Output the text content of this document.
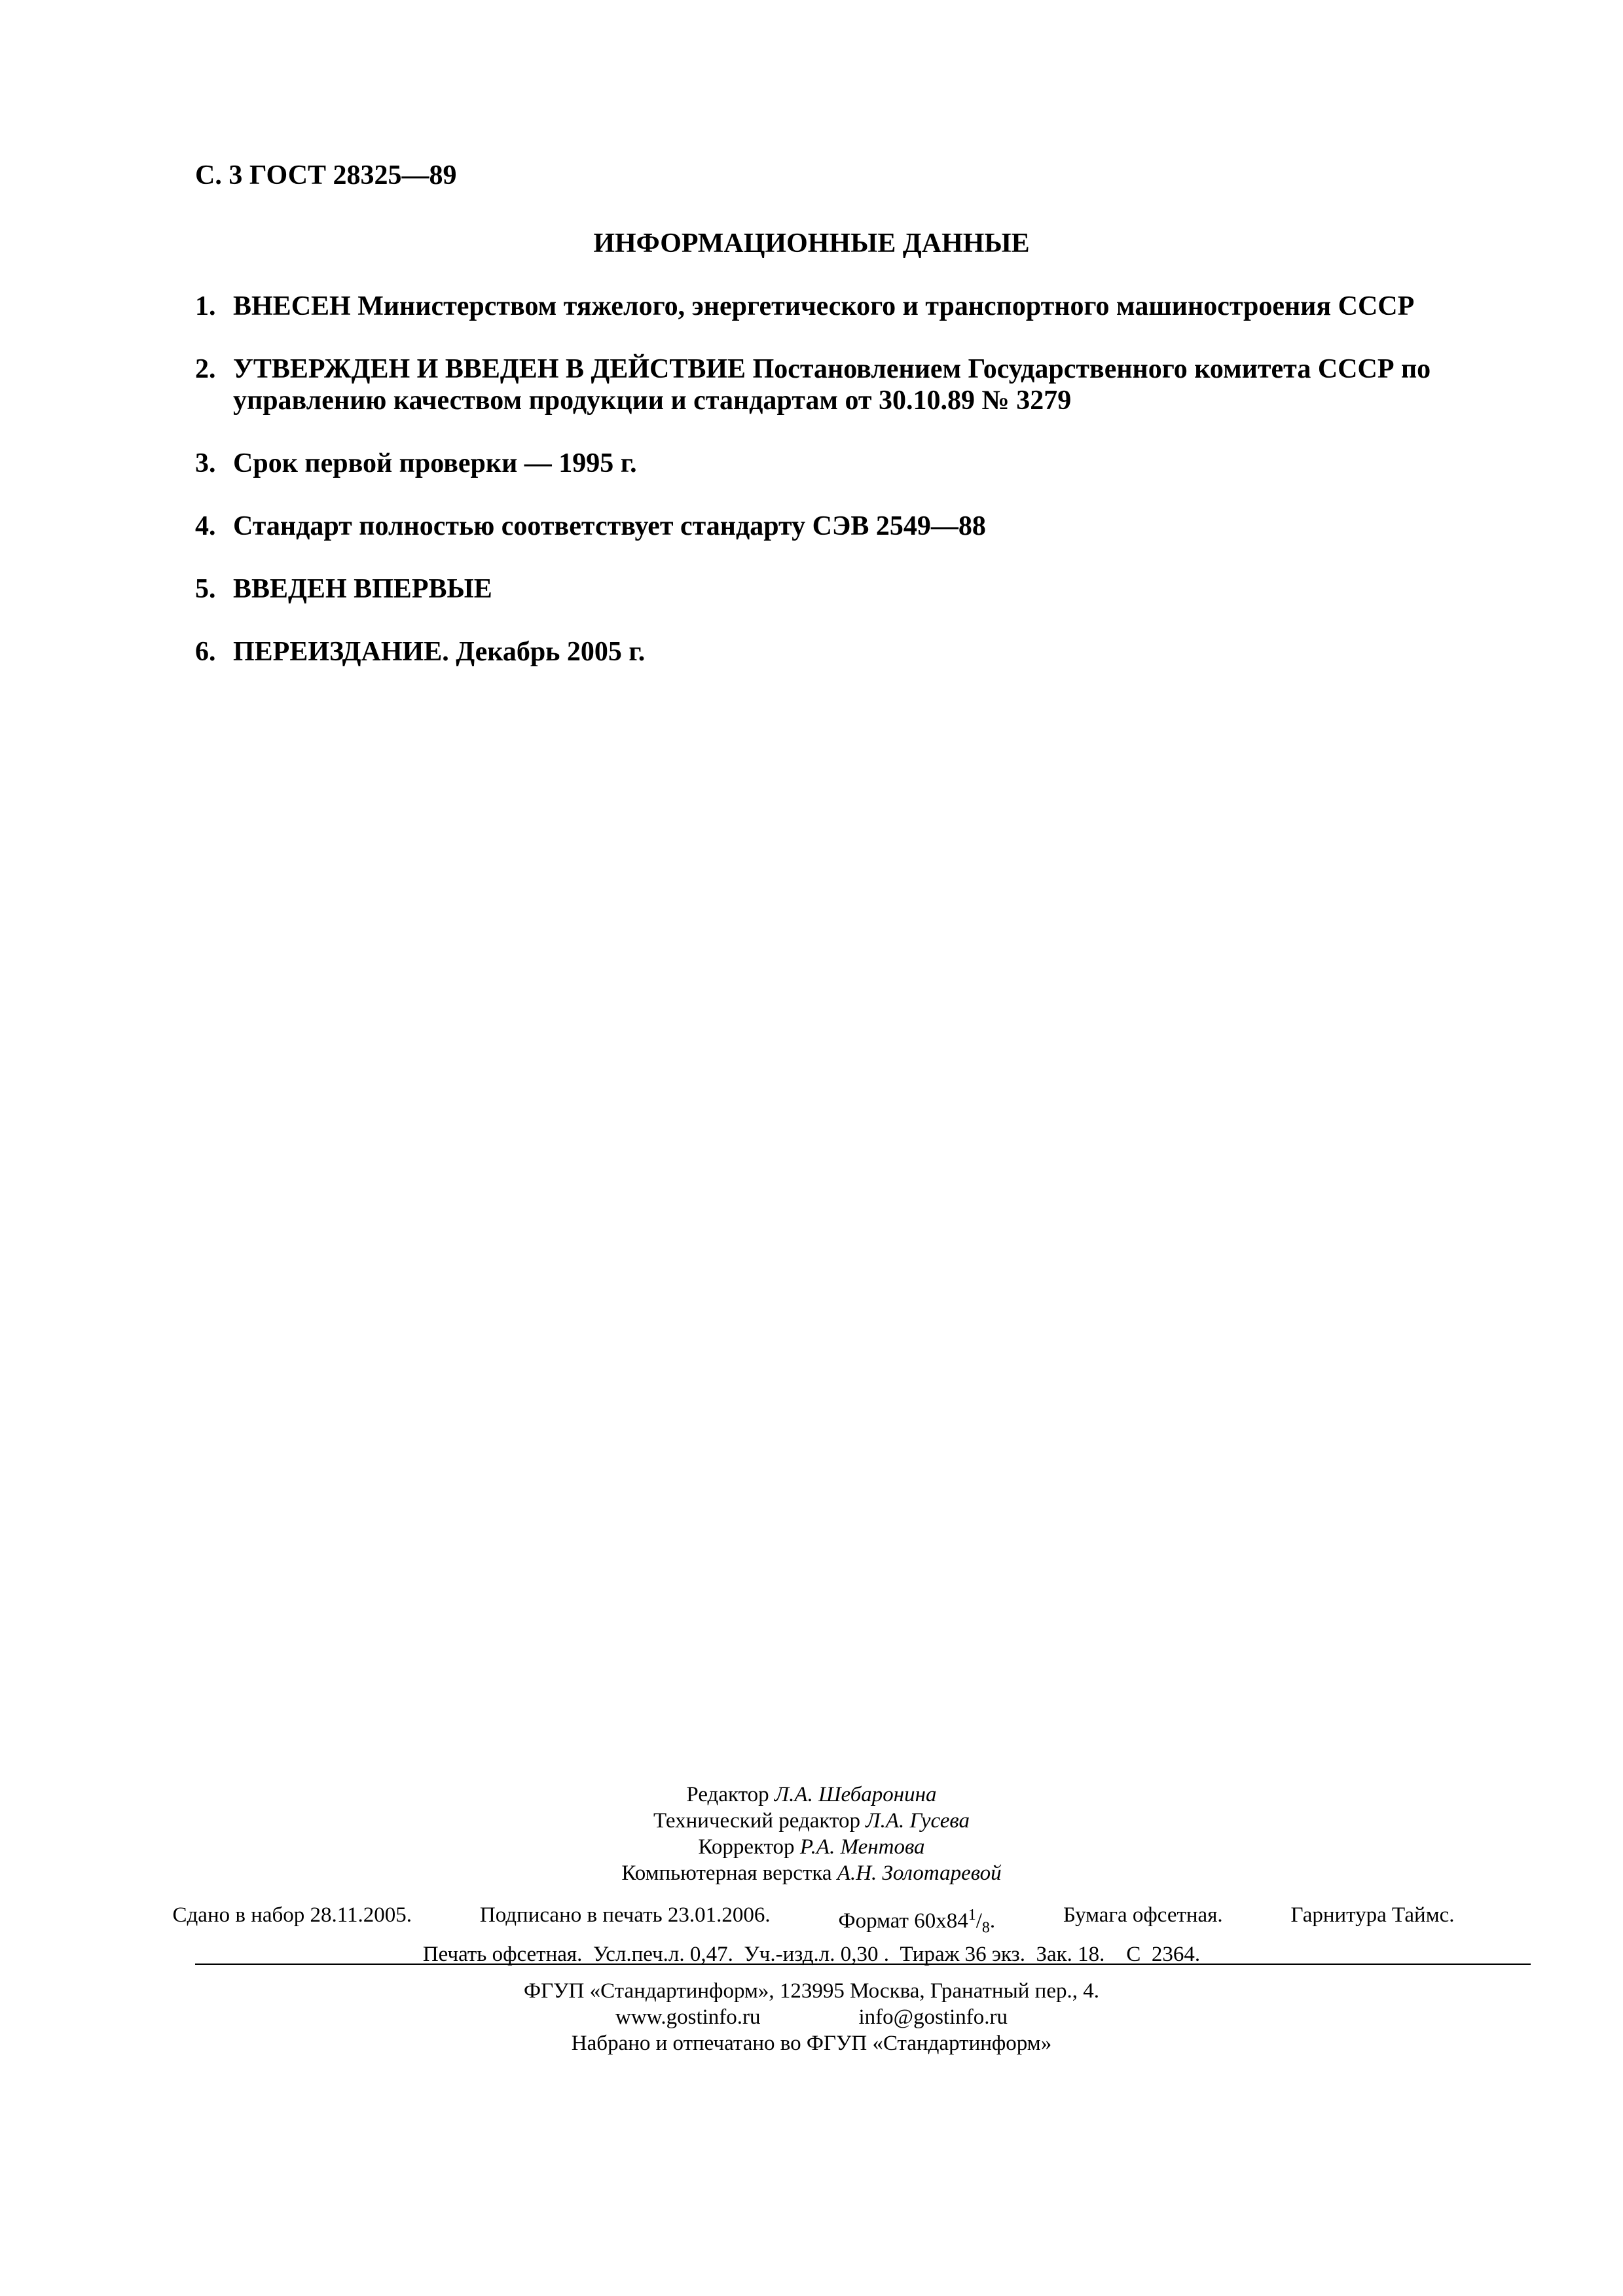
С. 3 ГОСТ 28325—89
ИНФОРМАЦИОННЫЕ ДАННЫЕ
1. ВНЕСЕН Министерством тяжелого, энергетического и транспортного машиностроения СССР
2. УТВЕРЖДЕН И ВВЕДЕН В ДЕЙСТВИЕ Постановлением Государственного комитета СССР по управлению качеством продукции и стандартам от 30.10.89 № 3279
3. Срок первой проверки — 1995 г.
4. Стандарт полностью соответствует стандарту СЭВ 2549—88
5. ВВЕДЕН ВПЕРВЫЕ
6. ПЕРЕИЗДАНИЕ. Декабрь 2005 г.
Редактор Л.А. Шебаронина
Технический редактор Л.А. Гусева
Корректор Р.А. Ментова
Компьютерная верстка А.Н. Золотаревой
Сдано в набор 28.11.2005.	Подписано в печать 23.01.2006.	Формат $60х84^1/_8$.	Бумага офсетная.	Гарнитура Таймс.
Печать офсетная.  Усл.печ.л. 0,47.  Уч.-изд.л. 0,30 .  Тираж 36 экз.  Зак. 18.    С  2364.
ФГУП «Стандартинформ», 123995 Москва, Гранатный пер., 4.
www.gostinfo.ru	info@gostinfo.ru
Набрано и отпечатано во ФГУП «Стандартинформ»
